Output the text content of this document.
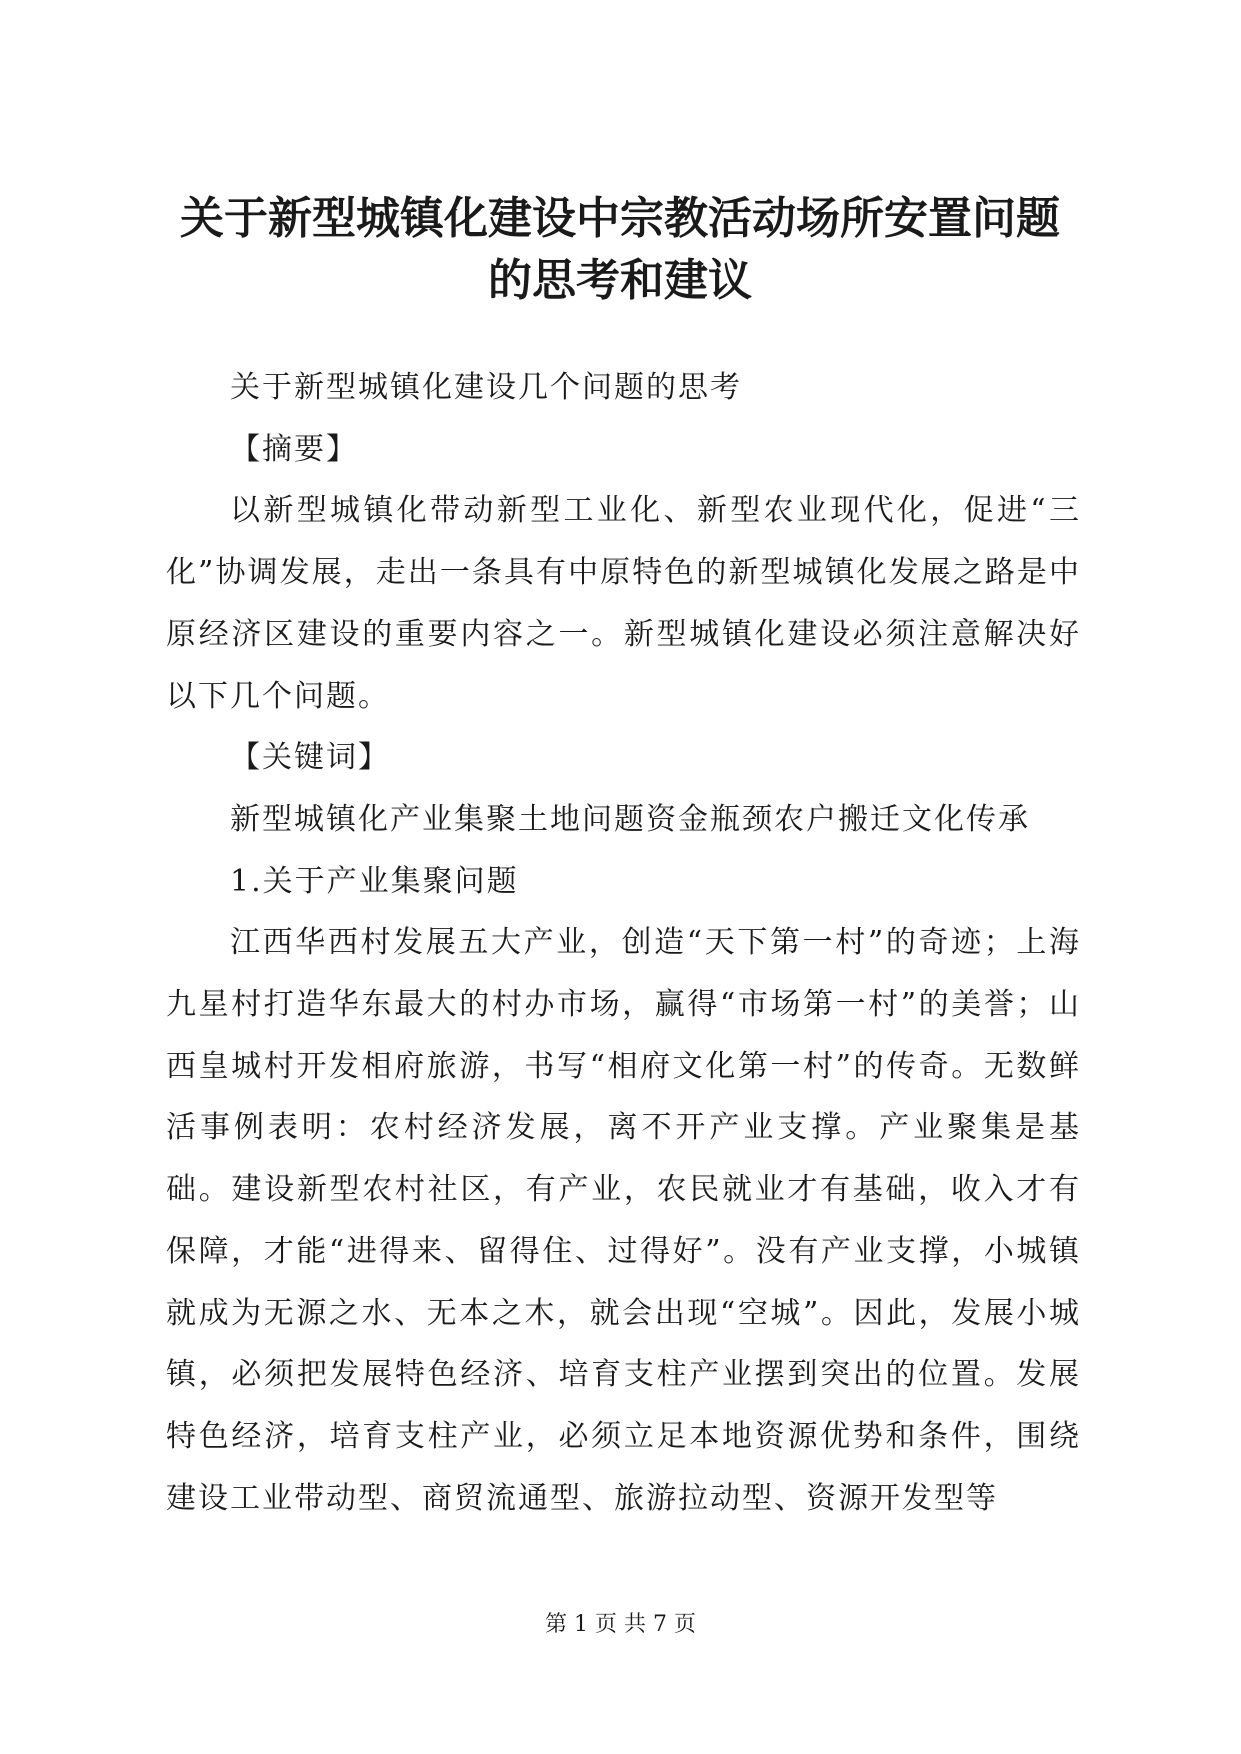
关于新型城镇化建设中宗教活动场所安置问题
的思考和建议

关于新型城镇化建设几个问题的思考

【摘要】

以新型城镇化带动新型工业化、新型农业现代化，促进“三化”协调发展，走出一条具有中原特色的新型城镇化发展之路是中原经济区建设的重要内容之一。新型城镇化建设必须注意解决好以下几个问题。

【关键词】

新型城镇化产业集聚土地问题资金瓶颈农户搬迁文化传承

1.关于产业集聚问题

江西华西村发展五大产业，创造“天下第一村”的奇迹；上海九星村打造华东最大的村办市场，赢得“市场第一村”的美誉；山西皇城村开发相府旅游，书写“相府文化第一村”的传奇。无数鲜活事例表明：农村经济发展，离不开产业支撑。产业聚集是基础。建设新型农村社区，有产业，农民就业才有基础，收入才有保障，才能“进得来、留得住、过得好”。没有产业支撑，小城镇就成为无源之水、无本之木，就会出现“空城”。因此，发展小城镇，必须把发展特色经济、培育支柱产业摆到突出的位置。发展特色经济，培育支柱产业，必须立足本地资源优势和条件，围绕建设工业带动型、商贸流通型、旅游拉动型、资源开发型等

第 1 页 共 7 页
